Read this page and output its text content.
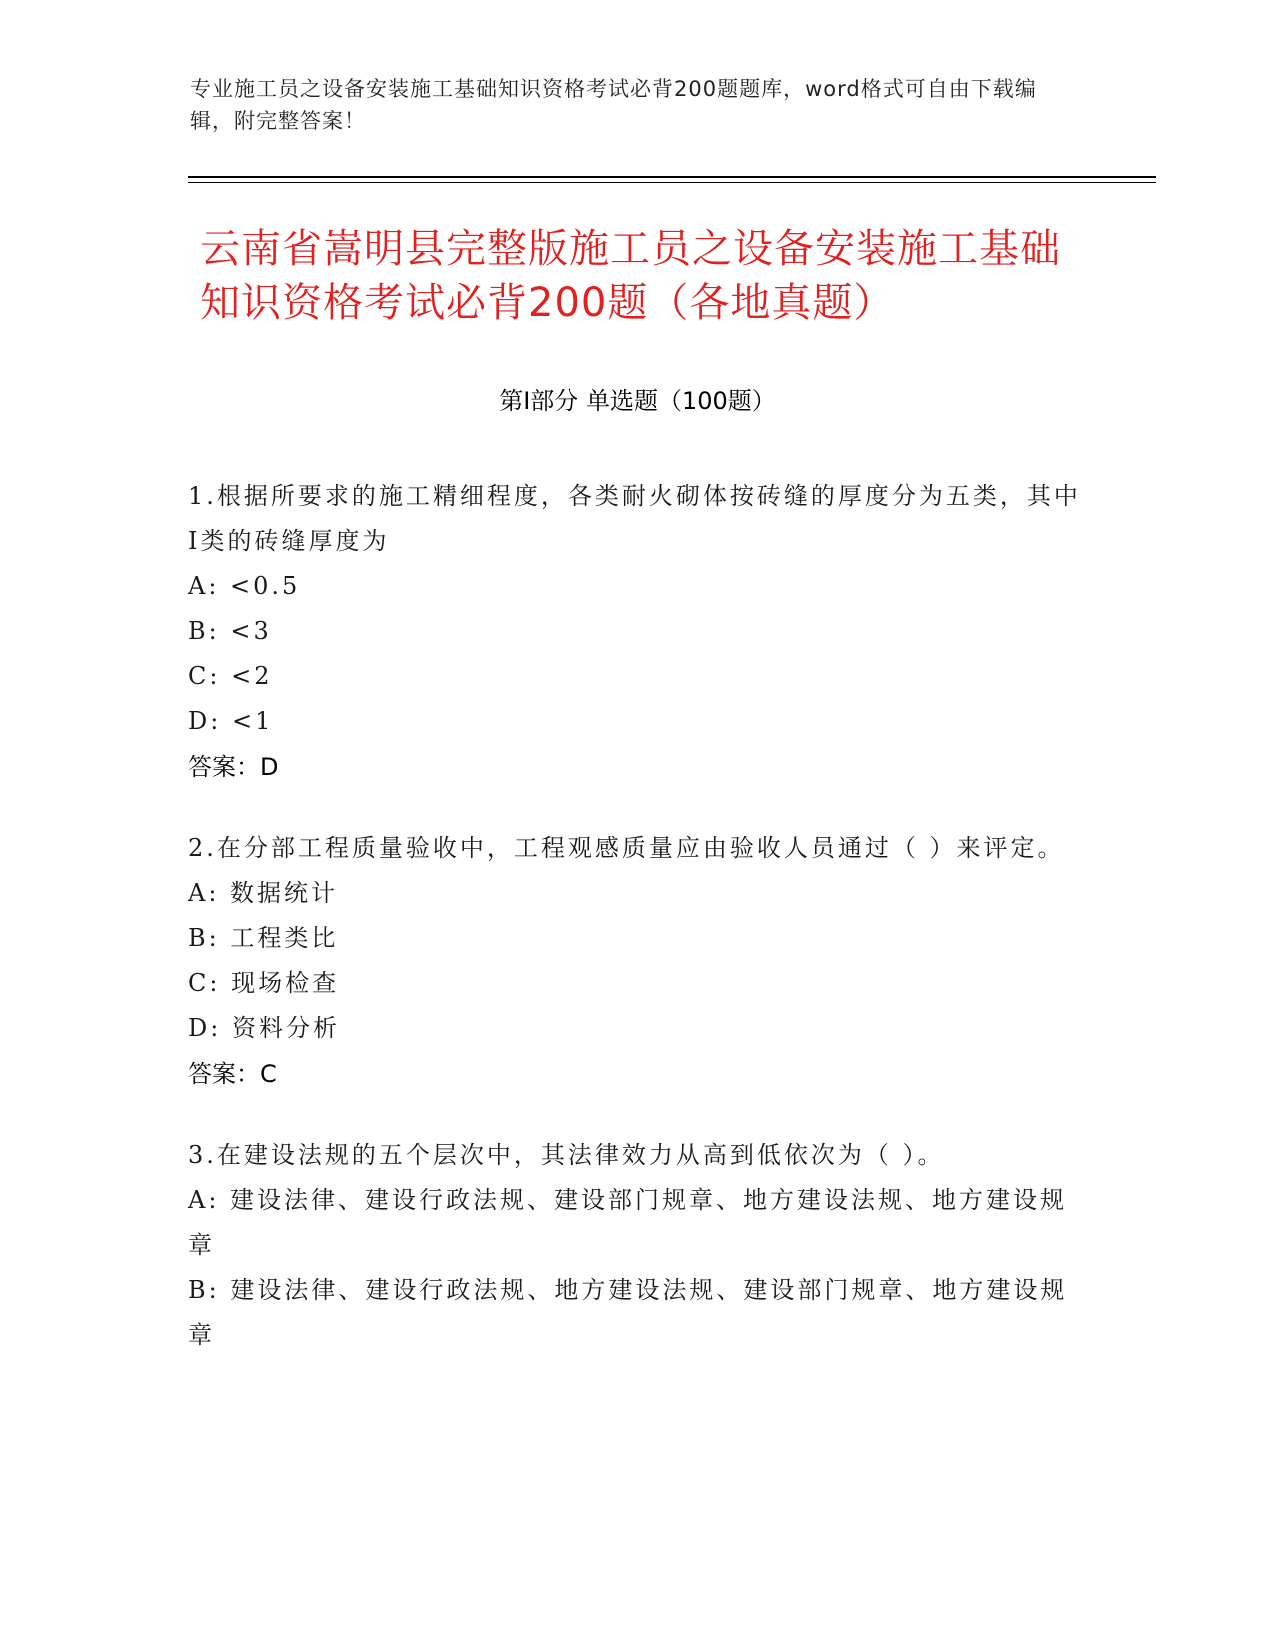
专业施工员之设备安装施工基础知识资格考试必背200题题库，word格式可自由下载编辑，附完整答案！

云南省嵩明县完整版施工员之设备安装施工基础知识资格考试必背200题（各地真题）
第Ⅰ部分 单选题（100题）

1.根据所要求的施工精细程度，各类耐火砌体按砖缝的厚度分为五类，其中Ⅰ类的砖缝厚度为

A: <0.5

B: <3

C: <2

D: <1

答案：D

2.在分部工程质量验收中，工程观感质量应由验收人员通过（ ）来评定。

A: 数据统计

B: 工程类比

C: 现场检查

D: 资料分析

答案：C

3.在建设法规的五个层次中，其法律效力从高到低依次为（ ）。

A: 建设法律、建设行政法规、建设部门规章、地方建设法规、地方建设规章

B: 建设法律、建设行政法规、地方建设法规、建设部门规章、地方建设规章
